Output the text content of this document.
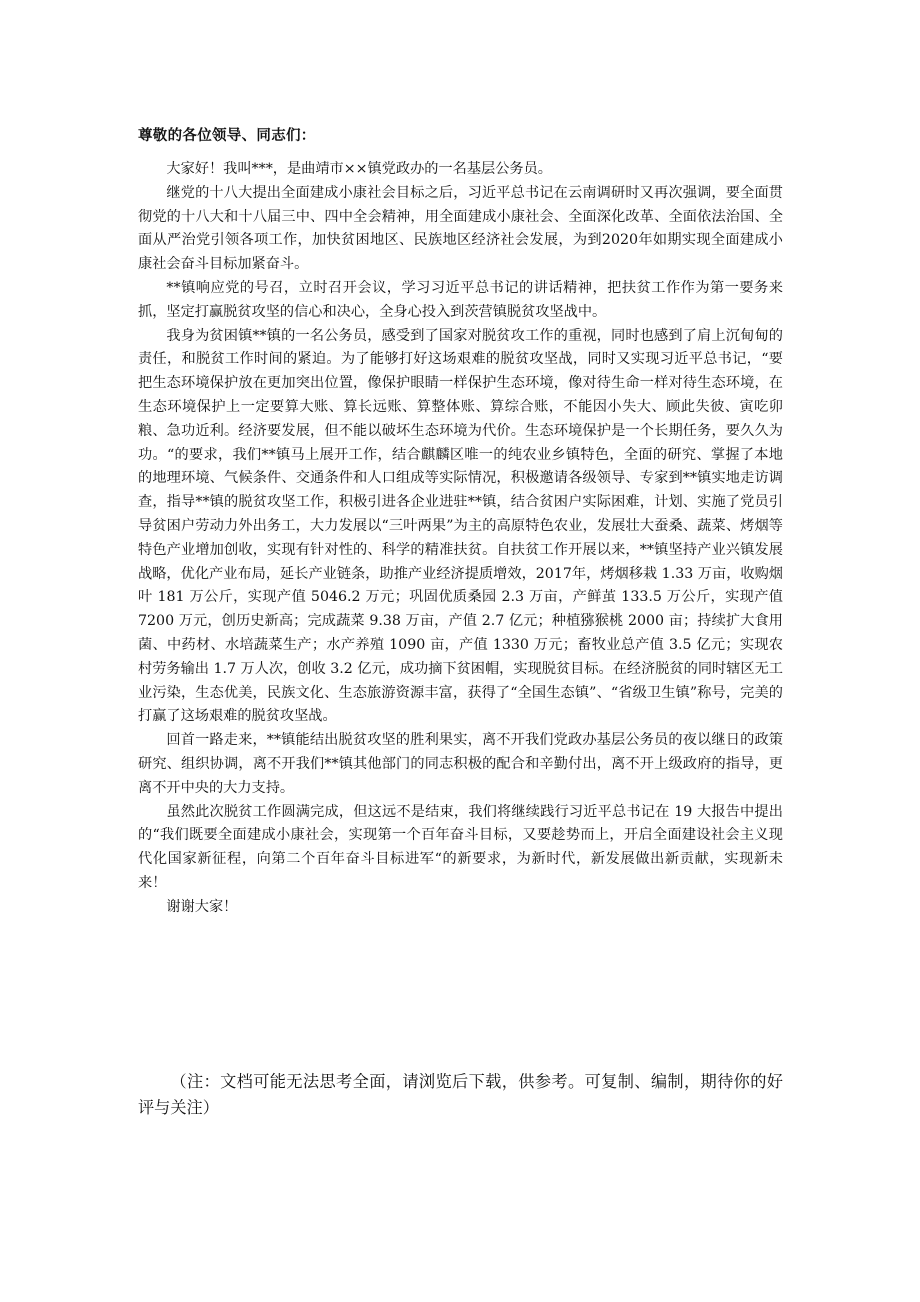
尊敬的各位领导、同志们：

大家好！我叫***，是曲靖市××镇党政办的一名基层公务员。

继党的十八大提出全面建成小康社会目标之后，习近平总书记在云南调研时又再次强调，要全面贯彻党的十八大和十八届三中、四中全会精神，用全面建成小康社会、全面深化改革、全面依法治国、全面从严治党引领各项工作，加快贫困地区、民族地区经济社会发展，为到2020年如期实现全面建成小康社会奋斗目标加紧奋斗。

**镇响应党的号召，立时召开会议，学习习近平总书记的讲话精神，把扶贫工作作为第一要务来抓，坚定打赢脱贫攻坚的信心和决心，全身心投入到茨营镇脱贫攻坚战中。

我身为贫困镇**镇的一名公务员，感受到了国家对脱贫攻工作的重视，同时也感到了肩上沉甸甸的责任，和脱贫工作时间的紧迫。为了能够打好这场艰难的脱贫攻坚战，同时又实现习近平总书记，“要把生态环境保护放在更加突出位置，像保护眼睛一样保护生态环境，像对待生命一样对待生态环境，在生态环境保护上一定要算大账、算长远账、算整体账、算综合账，不能因小失大、顾此失彼、寅吃卯粮、急功近利。经济要发展，但不能以破坏生态环境为代价。生态环境保护是一个长期任务，要久久为功。“的要求，我们**镇马上展开工作，结合麒麟区唯一的纯农业乡镇特色，全面的研究、掌握了本地的地理环境、气候条件、交通条件和人口组成等实际情况，积极邀请各级领导、专家到**镇实地走访调查，指导**镇的脱贫攻坚工作，积极引进各企业进驻**镇，结合贫困户实际困难，计划、实施了党员引导贫困户劳动力外出务工，大力发展以“三叶两果”为主的高原特色农业，发展壮大蚕桑、蔬菜、烤烟等特色产业增加创收，实现有针对性的、科学的精准扶贫。自扶贫工作开展以来，**镇坚持产业兴镇发展战略，优化产业布局，延长产业链条，助推产业经济提质增效，2017年，烤烟移栽 1.33 万亩，收购烟叶 181 万公斤，实现产值 5046.2 万元；巩固优质桑园 2.3 万亩，产鲜茧 133.5 万公斤，实现产值 7200 万元，创历史新高；完成蔬菜 9.38 万亩，产值 2.7 亿元；种植猕猴桃 2000 亩；持续扩大食用菌、中药材、水培蔬菜生产；水产养殖 1090 亩，产值 1330 万元；畜牧业总产值 3.5 亿元；实现农村劳务输出 1.7 万人次，创收 3.2 亿元，成功摘下贫困帽，实现脱贫目标。在经济脱贫的同时辖区无工业污染，生态优美，民族文化、生态旅游资源丰富，获得了“全国生态镇”、“省级卫生镇”称号，完美的打赢了这场艰难的脱贫攻坚战。

回首一路走来，**镇能结出脱贫攻坚的胜利果实，离不开我们党政办基层公务员的夜以继日的政策研究、组织协调，离不开我们**镇其他部门的同志积极的配合和辛勤付出，离不开上级政府的指导，更离不开中央的大力支持。

虽然此次脱贫工作圆满完成，但这远不是结束，我们将继续践行习近平总书记在 19 大报告中提出的“我们既要全面建成小康社会，实现第一个百年奋斗目标，又要趁势而上，开启全面建设社会主义现代化国家新征程，向第二个百年奋斗目标进军“的新要求，为新时代，新发展做出新贡献，实现新未来！

谢谢大家！

（注：文档可能无法思考全面，请浏览后下载，供参考。可复制、编制，期待你的好评与关注）
